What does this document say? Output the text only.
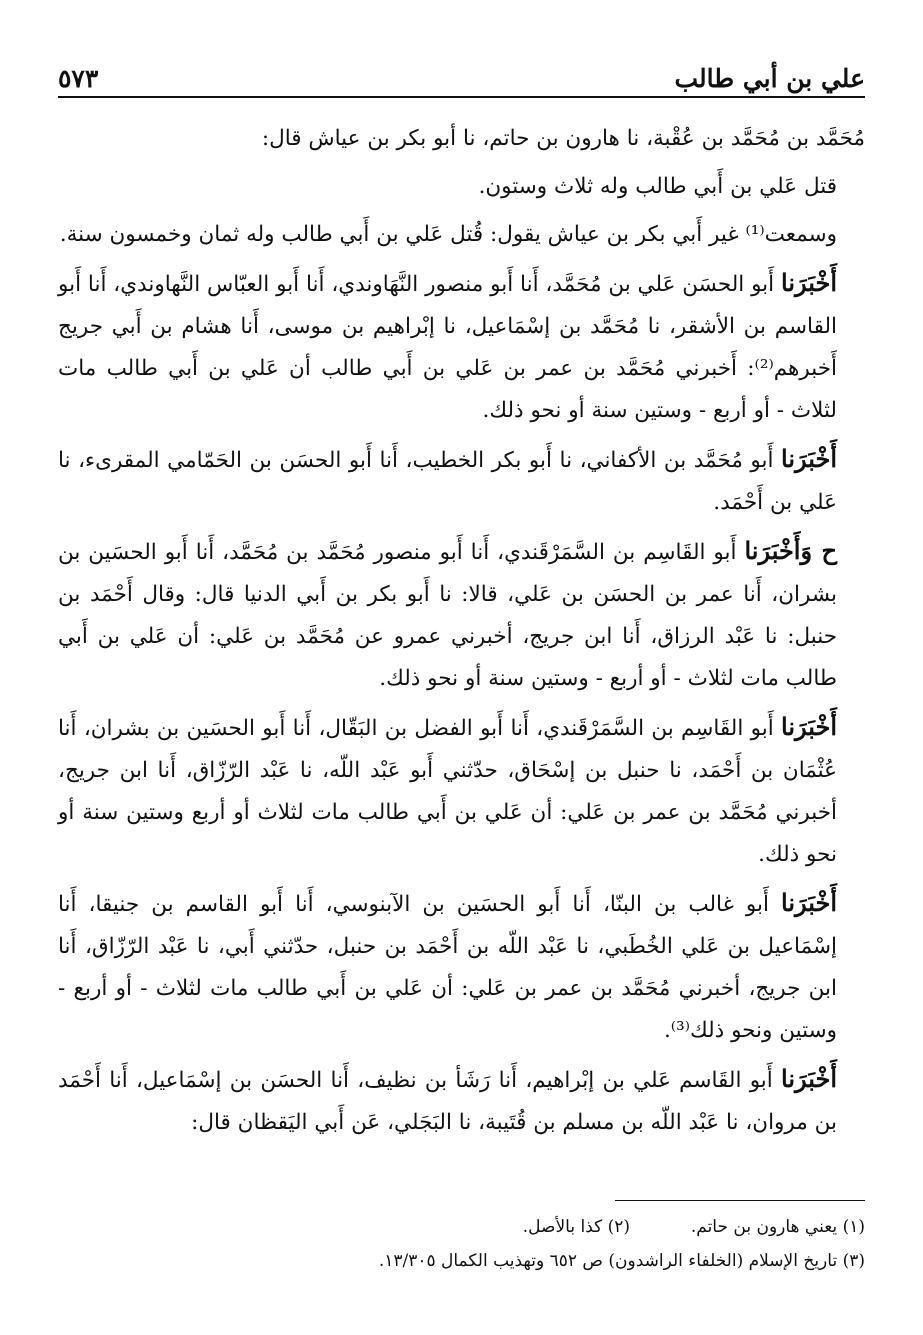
علي بن أبي طالب
٥٧٣

مُحَمَّد بن مُحَمَّد بن عُقْبة، نا هارون بن حاتم، نا أبو بكر بن عياش قال:

قتل عَلي بن أَبي طالب وله ثلاث وستون.

وسمعت⁽¹⁾ غير أَبي بكر بن عياش يقول: قُتل عَلي بن أَبي طالب وله ثمان وخمسون سنة.

أَخْبَرَنا أَبو الحسَن عَلي بن مُحَمَّد، أَنا أَبو منصور النَّهَاوندي، أَنا أَبو العبّاس النَّهاوندي، أَنا أَبو القاسم بن الأشقر، نا مُحَمَّد بن إسْمَاعيل، نا إبْراهيم بن موسى، أَنا هشام بن أَبي جريج أَخبرهم⁽²⁾: أَخبرني مُحَمَّد بن عمر بن عَلي بن أَبي طالب أن عَلي بن أَبي طالب مات لثلاث - أو أربع - وستين سنة أو نحو ذلك.

أَخْبَرَنا أَبو مُحَمَّد بن الأكفاني، نا أَبو بكر الخطيب، أَنا أَبو الحسَن بن الحَمّامي المقرىء، نا عَلي بن أَحْمَد.

ح وَأَخْبَرَنا أَبو القَاسِم بن السَّمَرْقَندي، أَنا أَبو منصور مُحَمَّد بن مُحَمَّد، أَنا أَبو الحسَين بن بشران، أَنا عمر بن الحسَن بن عَلي، قالا: نا أَبو بكر بن أَبي الدنيا قال: وقال أَحْمَد بن حنبل: نا عَبْد الرزاق، أَنا ابن جريج، أخبرني عمرو عن مُحَمَّد بن عَلي: أن عَلي بن أَبي طالب مات لثلاث - أو أربع - وستين سنة أو نحو ذلك.

أَخْبَرَنا أَبو القَاسِم بن السَّمَرْقَندي، أَنا أَبو الفضل بن البَقّال، أَنا أَبو الحسَين بن بشران، أَنا عُثْمَان بن أَحْمَد، نا حنبل بن إسْحَاق، حدّثني أَبو عَبْد اللّه، نا عَبْد الرّزّاق، أَنا ابن جريج، أخبرني مُحَمَّد بن عمر بن عَلي: أن عَلي بن أَبي طالب مات لثلاث أو أربع وستين سنة أو نحو ذلك.

أَخْبَرَنا أَبو غالب بن البنّا، أَنا أَبو الحسَين بن الآبنوسي، أَنا أَبو القاسم بن جنيقا، أَنا إسْمَاعيل بن عَلي الخُطَبي، نا عَبْد اللّه بن أَحْمَد بن حنبل، حدّثني أَبي، نا عَبْد الرّزّاق، أَنا ابن جريج، أخبرني مُحَمَّد بن عمر بن عَلي: أن عَلي بن أَبي طالب مات لثلاث - أو أربع - وستين ونحو ذلك⁽³⁾.

أَخْبَرَنا أَبو القَاسم عَلي بن إبْراهيم، أَنا رَشَأ بن نظيف، أَنا الحسَن بن إسْمَاعيل، أَنا أَحْمَد بن مروان، نا عَبْد اللّه بن مسلم بن قُتَيبة، نا البَجَلي، عَن أَبي اليَقظان قال:

(١) يعني هارون بن حاتم.  (٢) كذا بالأصل.
(٣) تاريخ الإسلام (الخلفاء الراشدون) ص ٦٥٢ وتهذيب الكمال ١٣/٣٠٥.
